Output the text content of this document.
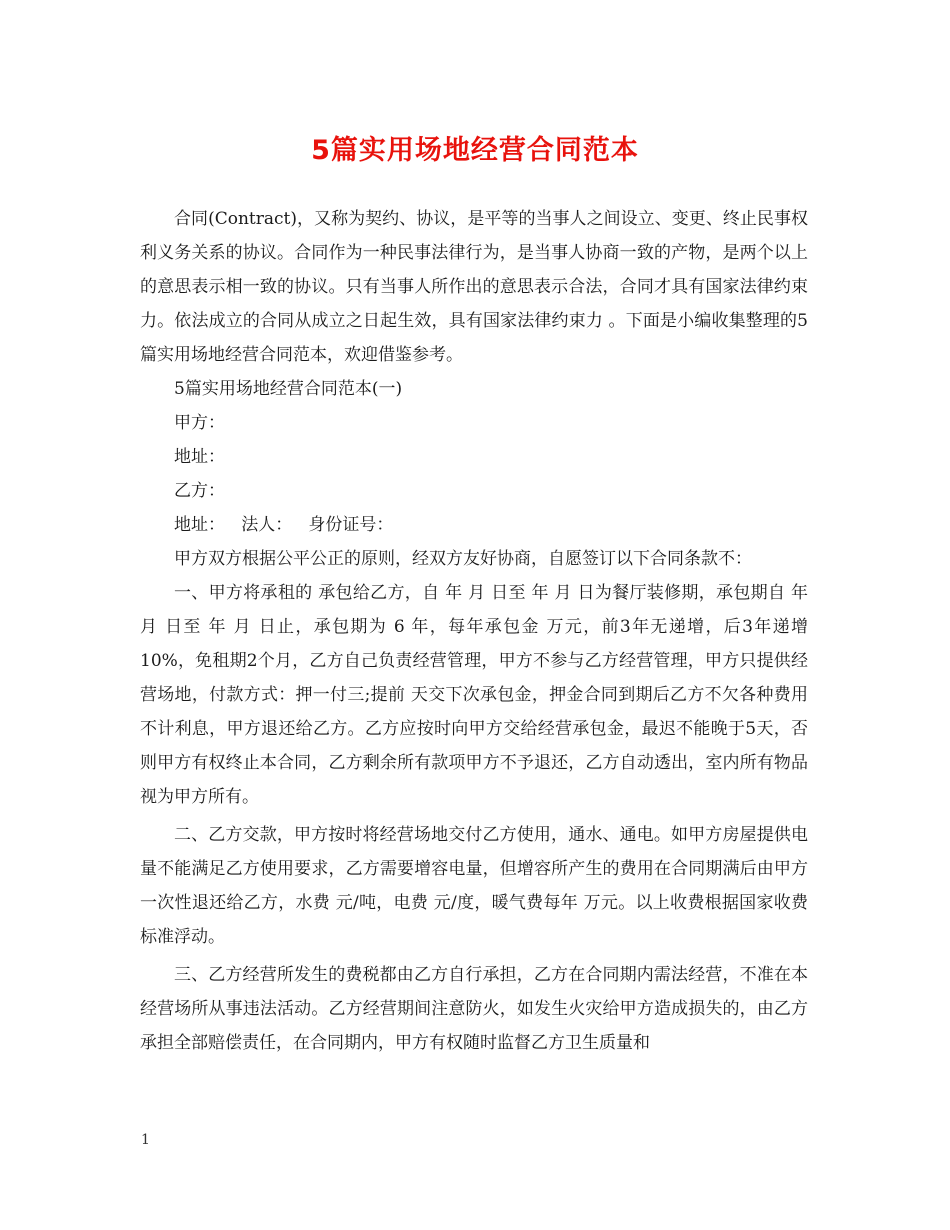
5篇实用场地经营合同范本

合同(Contract)，又称为契约、协议，是平等的当事人之间设立、变更、终止民事权利义务关系的协议。合同作为一种民事法律行为，是当事人协商一致的产物，是两个以上的意思表示相一致的协议。只有当事人所作出的意思表示合法，合同才具有国家法律约束力。依法成立的合同从成立之日起生效，具有国家法律约束力 。下面是小编收集整理的5篇实用场地经营合同范本，欢迎借鉴参考。

5篇实用场地经营合同范本(一)

甲方：

地址：

乙方：

地址：   法人：   身份证号：

甲方双方根据公平公正的原则，经双方友好协商，自愿签订以下合同条款不：

一、甲方将承租的 承包给乙方，自 年 月 日至 年 月 日为餐厅装修期，承包期自 年 月 日至 年 月 日止，承包期为 6 年，每年承包金 万元，前3年无递增，后3年递增10%，免租期2个月，乙方自己负责经营管理，甲方不参与乙方经营管理，甲方只提供经营场地，付款方式：押一付三;提前 天交下次承包金，押金合同到期后乙方不欠各种费用不计利息，甲方退还给乙方。乙方应按时向甲方交给经营承包金，最迟不能晚于5天，否则甲方有权终止本合同，乙方剩余所有款项甲方不予退还，乙方自动透出，室内所有物品视为甲方所有。

二、乙方交款，甲方按时将经营场地交付乙方使用，通水、通电。如甲方房屋提供电量不能满足乙方使用要求，乙方需要增容电量，但增容所产生的费用在合同期满后由甲方一次性退还给乙方，水费 元/吨，电费 元/度，暖气费每年 万元。以上收费根据国家收费标准浮动。

三、乙方经营所发生的费税都由乙方自行承担，乙方在合同期内需法经营，不准在本经营场所从事违法活动。乙方经营期间注意防火，如发生火灾给甲方造成损失的，由乙方承担全部赔偿责任，在合同期内，甲方有权随时监督乙方卫生质量和

1
